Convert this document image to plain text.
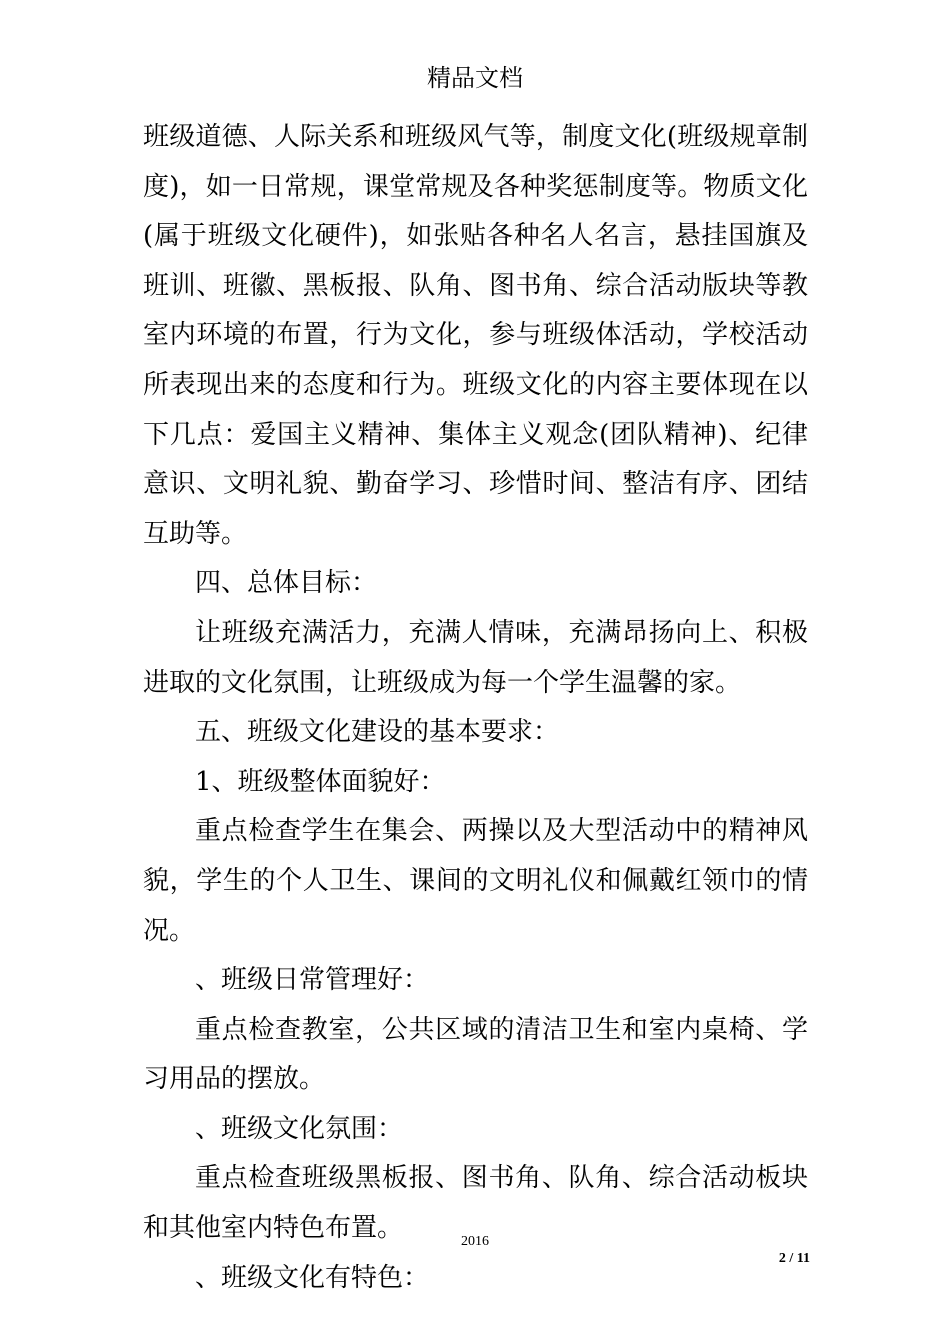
精品文档

班级道德、人际关系和班级风气等，制度文化(班级规章制度)，如一日常规，课堂常规及各种奖惩制度等。物质文化(属于班级文化硬件)，如张贴各种名人名言，悬挂国旗及班训、班徽、黑板报、队角、图书角、综合活动版块等教室内环境的布置，行为文化，参与班级体活动，学校活动所表现出来的态度和行为。班级文化的内容主要体现在以下几点：爱国主义精神、集体主义观念(团队精神)、纪律意识、文明礼貌、勤奋学习、珍惜时间、整洁有序、团结互助等。

四、总体目标：

让班级充满活力，充满人情味，充满昂扬向上、积极进取的文化氛围，让班级成为每一个学生温馨的家。

五、班级文化建设的基本要求：

1、班级整体面貌好：

重点检查学生在集会、两操以及大型活动中的精神风貌，学生的个人卫生、课间的文明礼仪和佩戴红领巾的情况。

、班级日常管理好：

重点检查教室，公共区域的清洁卫生和室内桌椅、学习用品的摆放。

、班级文化氛围：

重点检查班级黑板报、图书角、队角、综合活动板块和其他室内特色布置。

、班级文化有特色：

2016
2 / 11
